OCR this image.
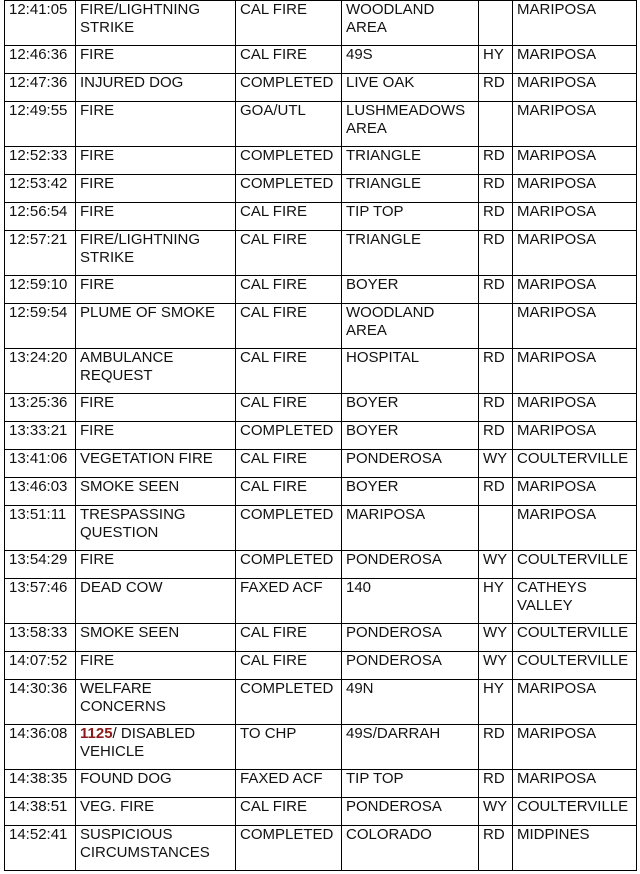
12:41:05	FIRE/LIGHTNING STRIKE	CAL FIRE	WOODLAND AREA		MARIPOSA
12:46:36	FIRE	CAL FIRE	49S	HY	MARIPOSA
12:47:36	INJURED DOG	COMPLETED	LIVE OAK	RD	MARIPOSA
12:49:55	FIRE	GOA/UTL	LUSHMEADOWS AREA		MARIPOSA
12:52:33	FIRE	COMPLETED	TRIANGLE	RD	MARIPOSA
12:53:42	FIRE	COMPLETED	TRIANGLE	RD	MARIPOSA
12:56:54	FIRE	CAL FIRE	TIP TOP	RD	MARIPOSA
12:57:21	FIRE/LIGHTNING STRIKE	CAL FIRE	TRIANGLE	RD	MARIPOSA
12:59:10	FIRE	CAL FIRE	BOYER	RD	MARIPOSA
12:59:54	PLUME OF SMOKE	CAL FIRE	WOODLAND AREA		MARIPOSA
13:24:20	AMBULANCE REQUEST	CAL FIRE	HOSPITAL	RD	MARIPOSA
13:25:36	FIRE	CAL FIRE	BOYER	RD	MARIPOSA
13:33:21	FIRE	COMPLETED	BOYER	RD	MARIPOSA
13:41:06	VEGETATION FIRE	CAL FIRE	PONDEROSA	WY	COULTERVILLE
13:46:03	SMOKE SEEN	CAL FIRE	BOYER	RD	MARIPOSA
13:51:11	TRESPASSING QUESTION	COMPLETED	MARIPOSA		MARIPOSA
13:54:29	FIRE	COMPLETED	PONDEROSA	WY	COULTERVILLE
13:57:46	DEAD COW	FAXED ACF	140	HY	CATHEYS VALLEY
13:58:33	SMOKE SEEN	CAL FIRE	PONDEROSA	WY	COULTERVILLE
14:07:52	FIRE	CAL FIRE	PONDEROSA	WY	COULTERVILLE
14:30:36	WELFARE CONCERNS	COMPLETED	49N	HY	MARIPOSA
14:36:08	1125/ DISABLED VEHICLE	TO CHP	49S/DARRAH	RD	MARIPOSA
14:38:35	FOUND DOG	FAXED ACF	TIP TOP	RD	MARIPOSA
14:38:51	VEG. FIRE	CAL FIRE	PONDEROSA	WY	COULTERVILLE
14:52:41	SUSPICIOUS CIRCUMSTANCES	COMPLETED	COLORADO	RD	MIDPINES
